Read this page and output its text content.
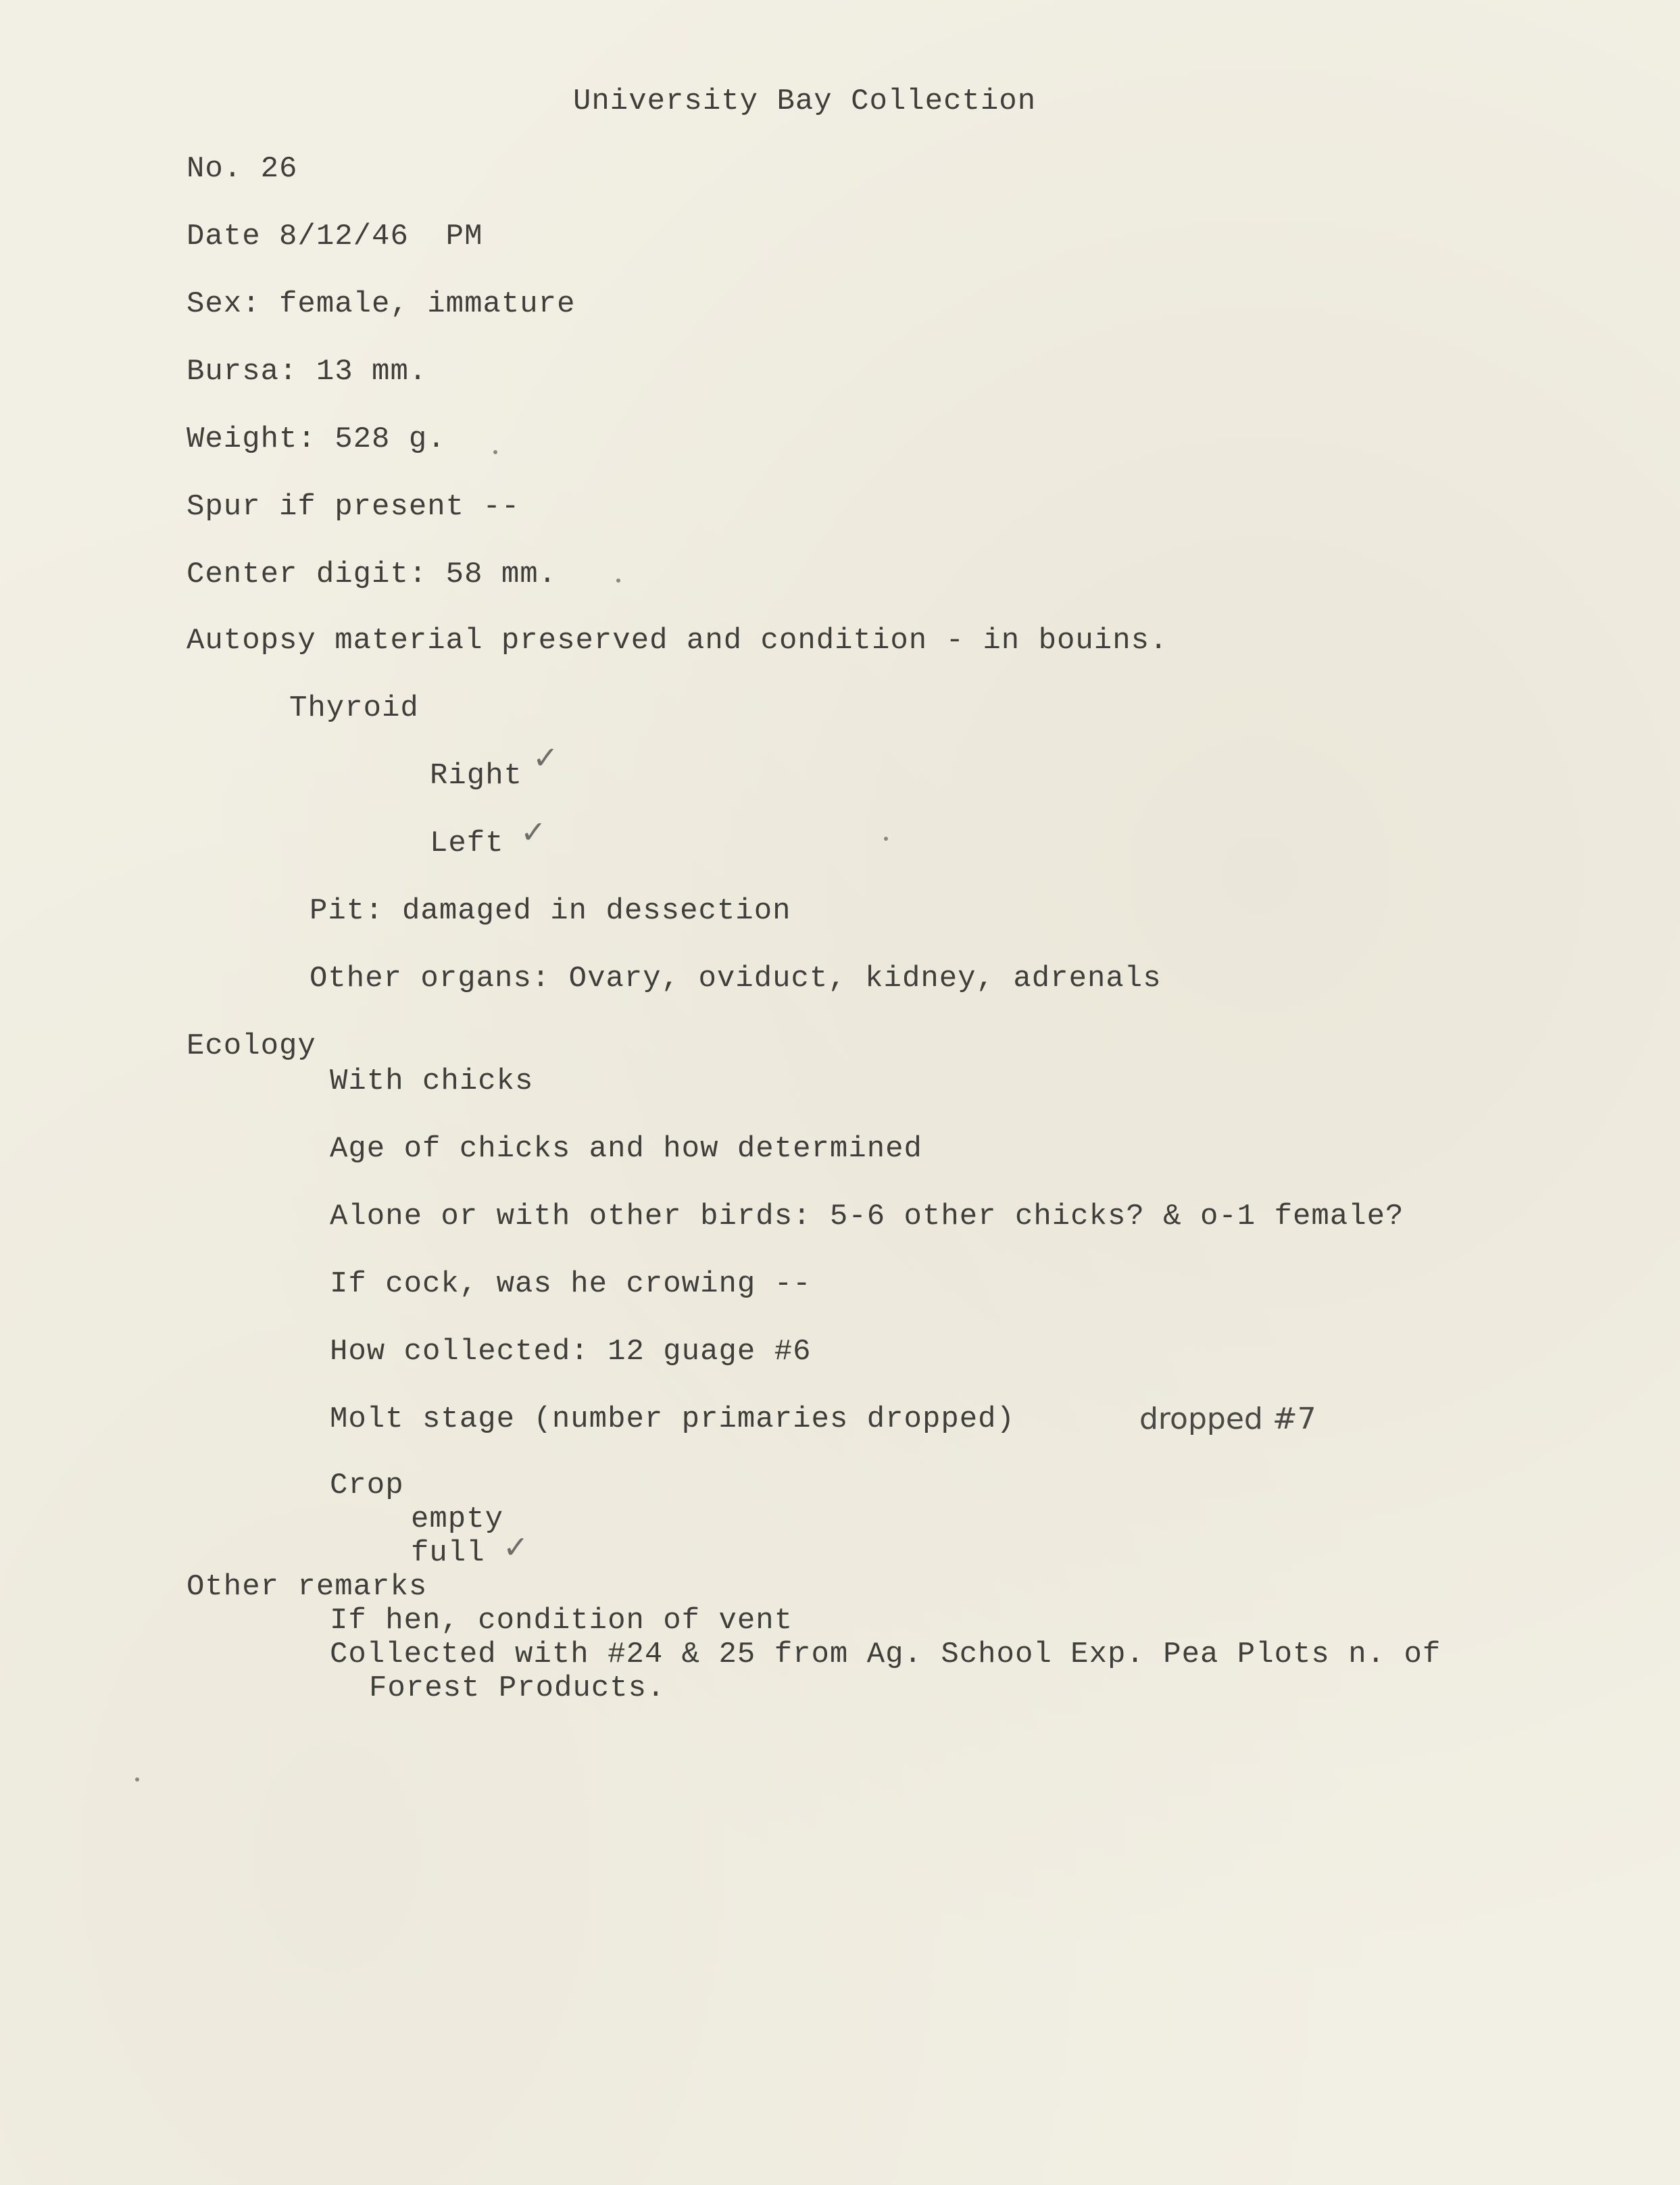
University Bay Collection
No. 26
Date 8/12/46  PM
Sex: female, immature
Bursa: 13 mm.
Weight: 528 g.
Spur if present --
Center digit: 58 mm.
Autopsy material preserved and condition - in bouins.
Thyroid
Right ✓
Left ✓
Pit: damaged in dessection
Other organs: Ovary, oviduct, kidney, adrenals
Ecology
With chicks
Age of chicks and how determined
Alone or with other birds: 5-6 other chicks? & o-1 female?
If cock, was he crowing --
How collected: 12 guage #6
Molt stage (number primaries dropped)	dropped #7
Crop
empty
full ✓
Other remarks
If hen, condition of vent
Collected with #24 & 25 from Ag. School Exp. Pea Plots n. of
Forest Products.
